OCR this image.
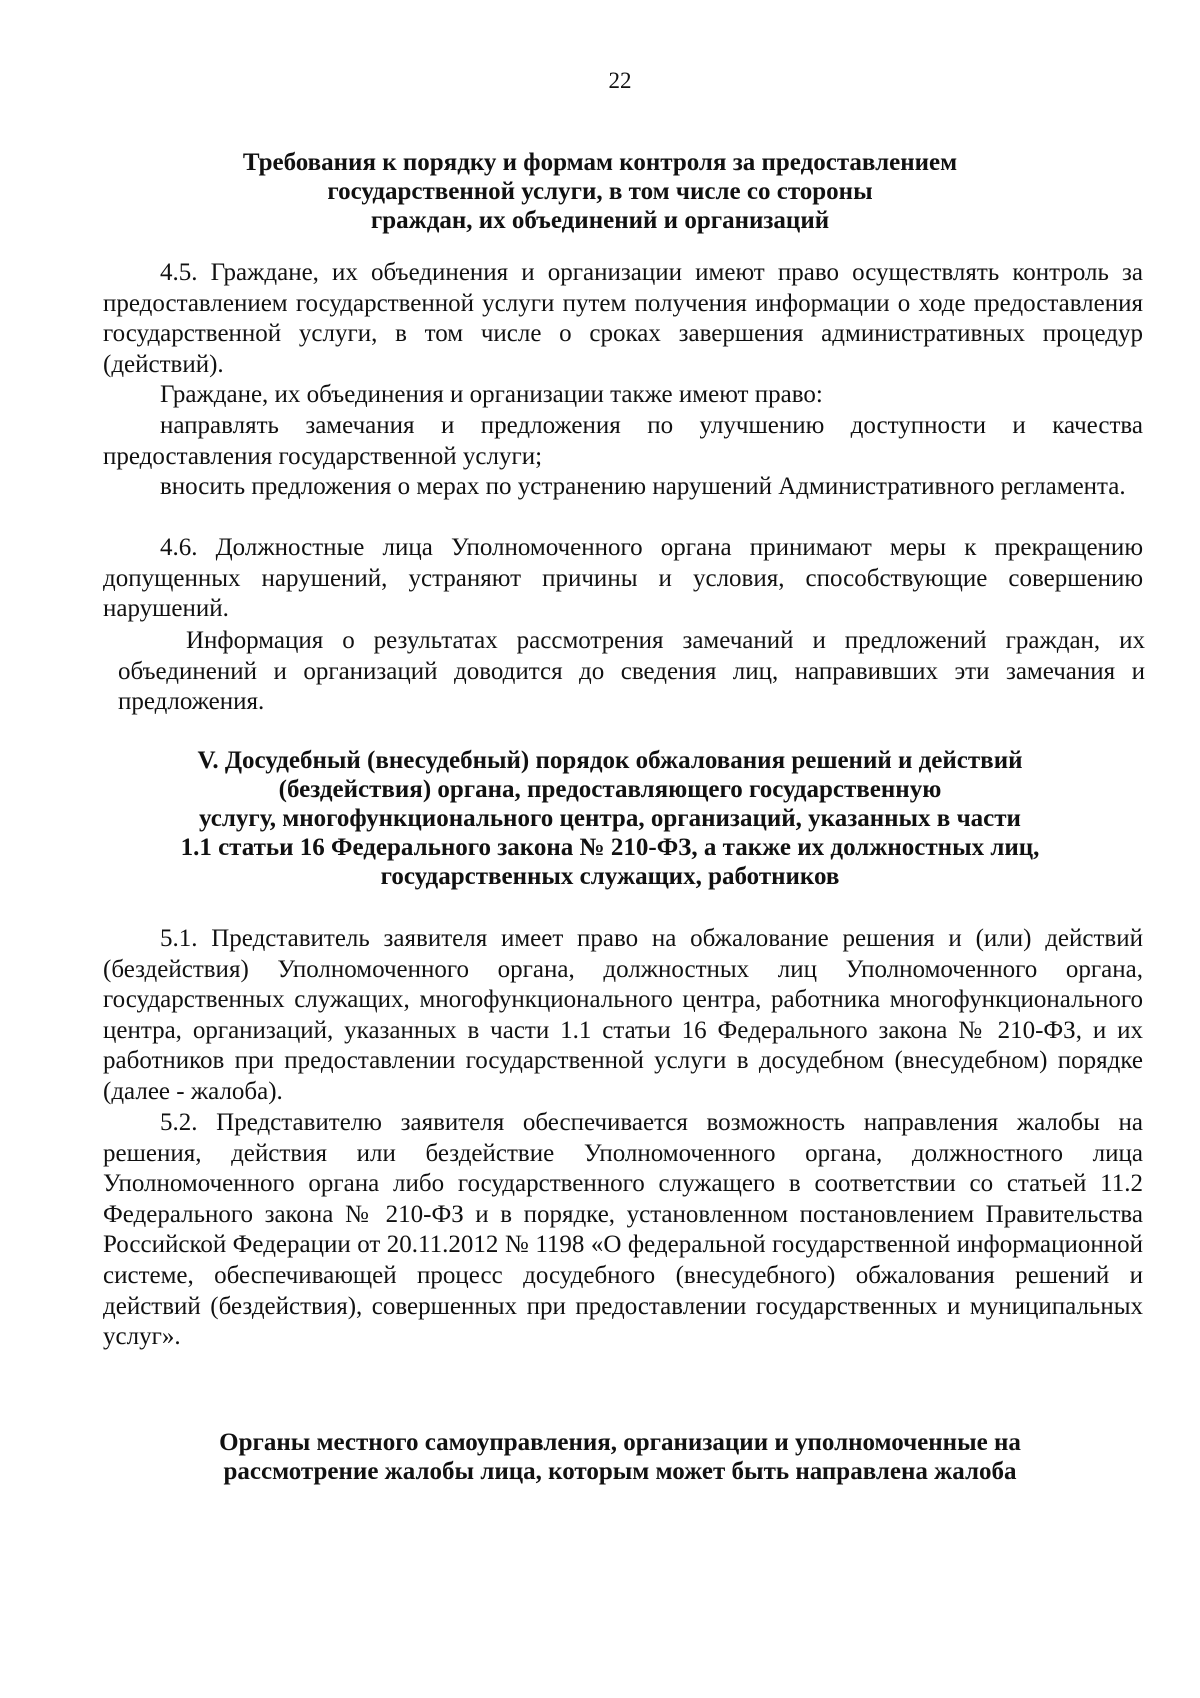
22
Требования к порядку и формам контроля за предоставлением
государственной услуги, в том числе со стороны
граждан, их объединений и организаций

4.5. Граждане, их объединения и организации имеют право осуществлять контроль за предоставлением государственной услуги путем получения информации о ходе предоставления государственной услуги, в том числе о сроках завершения административных процедур (действий).

Граждане, их объединения и организации также имеют право:

направлять замечания и предложения по улучшению доступности и качества предоставления государственной услуги;

вносить предложения о мерах по устранению нарушений Административного регламента.

4.6. Должностные лица Уполномоченного органа принимают меры к прекращению допущенных нарушений, устраняют причины и условия, способствующие совершению нарушений.

Информация о результатах рассмотрения замечаний и предложений граждан, их объединений и организаций доводится до сведения лиц, направивших эти замечания и предложения.

V. Досудебный (внесудебный) порядок обжалования решений и действий
(бездействия) органа, предоставляющего государственную
услугу, многофункционального центра, организаций, указанных в части
1.1 статьи 16 Федерального закона № 210-ФЗ, а также их должностных лиц,
государственных служащих, работников

5.1. Представитель заявителя имеет право на обжалование решения и (или) действий (бездействия) Уполномоченного органа, должностных лиц Уполномоченного органа, государственных служащих, многофункционального центра, работника многофункционального центра, организаций, указанных в части 1.1 статьи 16 Федерального закона № 210-ФЗ, и их работников при предоставлении государственной услуги в досудебном (внесудебном) порядке (далее - жалоба).

5.2. Представителю заявителя обеспечивается возможность направления жалобы на решения, действия или бездействие Уполномоченного органа, должностного лица Уполномоченного органа либо государственного служащего в соответствии со статьей 11.2 Федерального закона № 210-ФЗ и в порядке, установленном постановлением Правительства Российской Федерации от 20.11.2012 № 1198 «О федеральной государственной информационной системе, обеспечивающей процесс досудебного (внесудебного) обжалования решений и действий (бездействия), совершенных при предоставлении государственных и муниципальных услуг».

Органы местного самоуправления, организации и уполномоченные на
рассмотрение жалобы лица, которым может быть направлена жалоба
